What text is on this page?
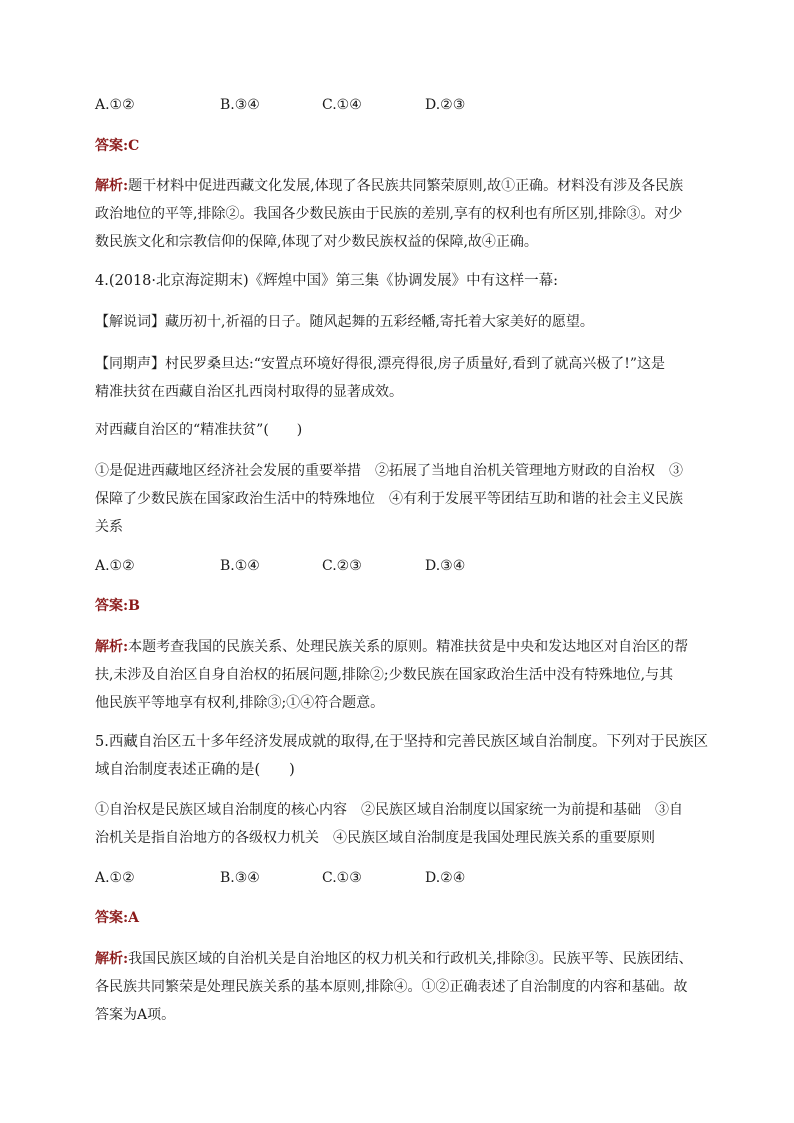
A.①②	B.③④	C.①④	D.②③
答案:C
解析:题干材料中促进西藏文化发展,体现了各民族共同繁荣原则,故①正确。材料没有涉及各民族
政治地位的平等,排除②。我国各少数民族由于民族的差别,享有的权利也有所区别,排除③。对少
数民族文化和宗教信仰的保障,体现了对少数民族权益的保障,故④正确。
4.(2018·北京海淀期末)《辉煌中国》第三集《协调发展》中有这样一幕:
【解说词】藏历初十,祈福的日子。随风起舞的五彩经幡,寄托着大家美好的愿望。
【同期声】村民罗桑旦达:“安置点环境好得很,漂亮得很,房子质量好,看到了就高兴极了!”这是
精准扶贫在西藏自治区扎西岗村取得的显著成效。
对西藏自治区的“精准扶贫”(　　)
①是促进西藏地区经济社会发展的重要举措　②拓展了当地自治机关管理地方财政的自治权　③
保障了少数民族在国家政治生活中的特殊地位　④有利于发展平等团结互助和谐的社会主义民族
关系
A.①②	B.①④	C.②③	D.③④
答案:B
解析:本题考查我国的民族关系、处理民族关系的原则。精准扶贫是中央和发达地区对自治区的帮
扶,未涉及自治区自身自治权的拓展问题,排除②;少数民族在国家政治生活中没有特殊地位,与其
他民族平等地享有权利,排除③;①④符合题意。
5.西藏自治区五十多年经济发展成就的取得,在于坚持和完善民族区域自治制度。下列对于民族区
域自治制度表述正确的是(　　)
①自治权是民族区域自治制度的核心内容　②民族区域自治制度以国家统一为前提和基础　③自
治机关是指自治地方的各级权力机关　④民族区域自治制度是我国处理民族关系的重要原则
A.①②	B.③④	C.①③	D.②④
答案:A
解析:我国民族区域的自治机关是自治地区的权力机关和行政机关,排除③。民族平等、民族团结、
各民族共同繁荣是处理民族关系的基本原则,排除④。①②正确表述了自治制度的内容和基础。故
答案为A项。
